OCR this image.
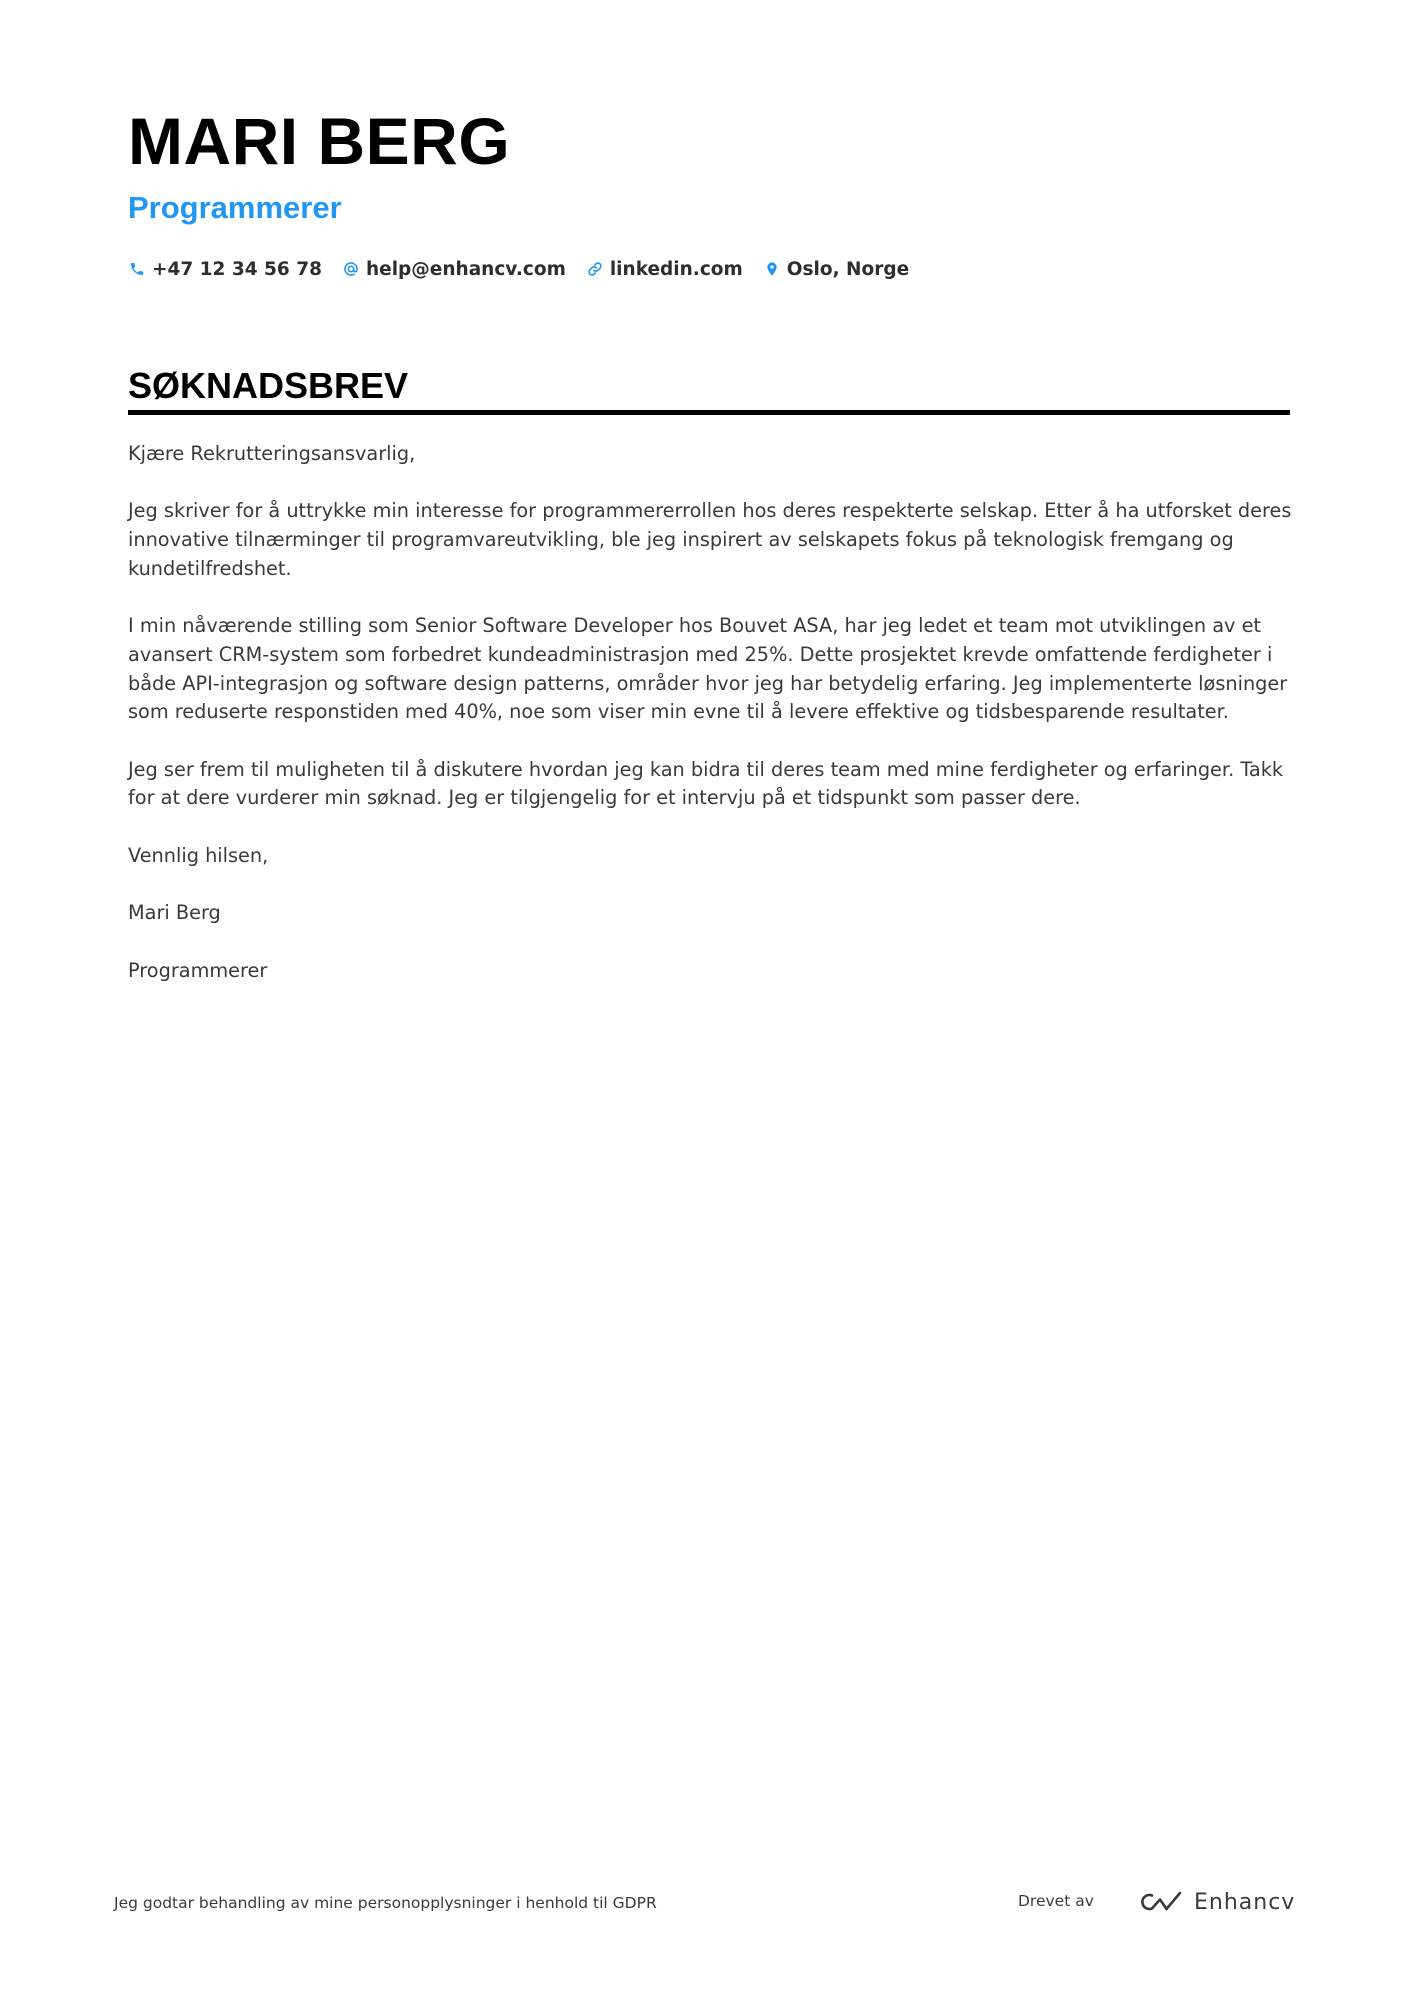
MARI BERG
Programmerer
+47 12 34 56 78 help@enhancv.com linkedin.com Oslo, Norge
SØKNADSBREV

Kjære Rekrutteringsansvarlig,

Jeg skriver for å uttrykke min interesse for programmererrollen hos deres respekterte selskap. Etter å ha utforsket deres innovative tilnærminger til programvareutvikling, ble jeg inspirert av selskapets fokus på teknologisk fremgang og kundetilfredshet.

I min nåværende stilling som Senior Software Developer hos Bouvet ASA, har jeg ledet et team mot utviklingen av et avansert CRM-system som forbedret kundeadministrasjon med 25%. Dette prosjektet krevde omfattende ferdigheter i både API-integrasjon og software design patterns, områder hvor jeg har betydelig erfaring. Jeg implementerte løsninger som reduserte responstiden med 40%, noe som viser min evne til å levere effektive og tidsbesparende resultater.

Jeg ser frem til muligheten til å diskutere hvordan jeg kan bidra til deres team med mine ferdigheter og erfaringer. Takk for at dere vurderer min søknad. Jeg er tilgjengelig for et intervju på et tidspunkt som passer dere.

Vennlig hilsen,

Mari Berg

Programmerer

Jeg godtar behandling av mine personopplysninger i henhold til GDPR	Drevet av	Enhancv
